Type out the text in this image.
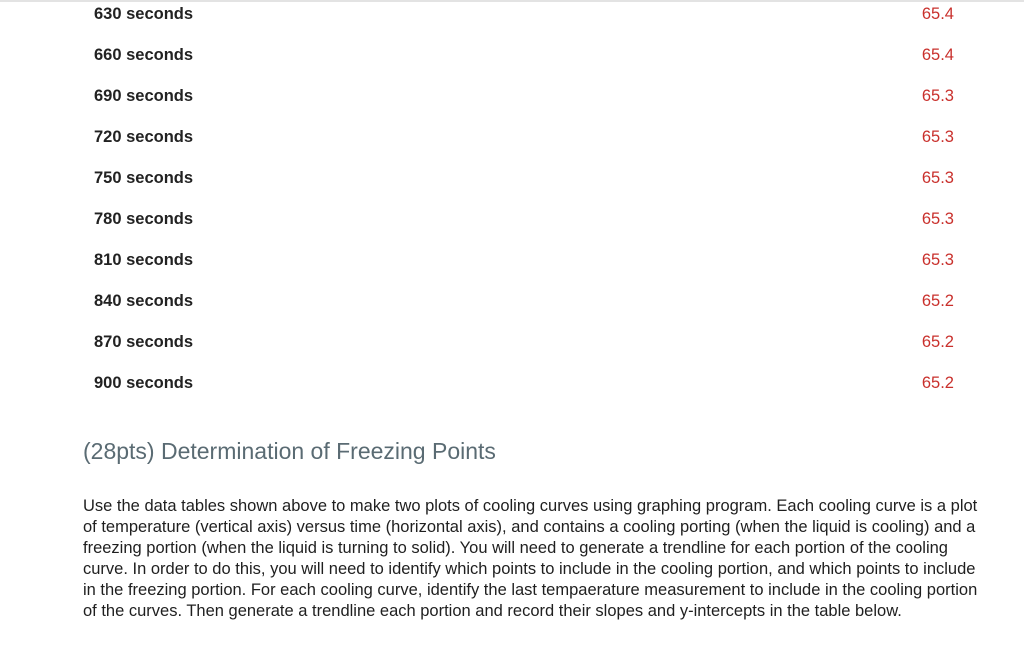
630 seconds	65.4
660 seconds	65.4
690 seconds	65.3
720 seconds	65.3
750 seconds	65.3
780 seconds	65.3
810 seconds	65.3
840 seconds	65.2
870 seconds	65.2
900 seconds	65.2
(28pts) Determination of Freezing Points

Use the data tables shown above to make two plots of cooling curves using graphing program. Each cooling curve is a plot of temperature (vertical axis) versus time (horizontal axis), and contains a cooling porting (when the liquid is cooling) and a freezing portion (when the liquid is turning to solid). You will need to generate a trendline for each portion of the cooling curve. In order to do this, you will need to identify which points to include in the cooling portion, and which points to include in the freezing portion. For each cooling curve, identify the last tempaerature measurement to include in the cooling portion of the curves. Then generate a trendline each portion and record their slopes and y-intercepts in the table below.
